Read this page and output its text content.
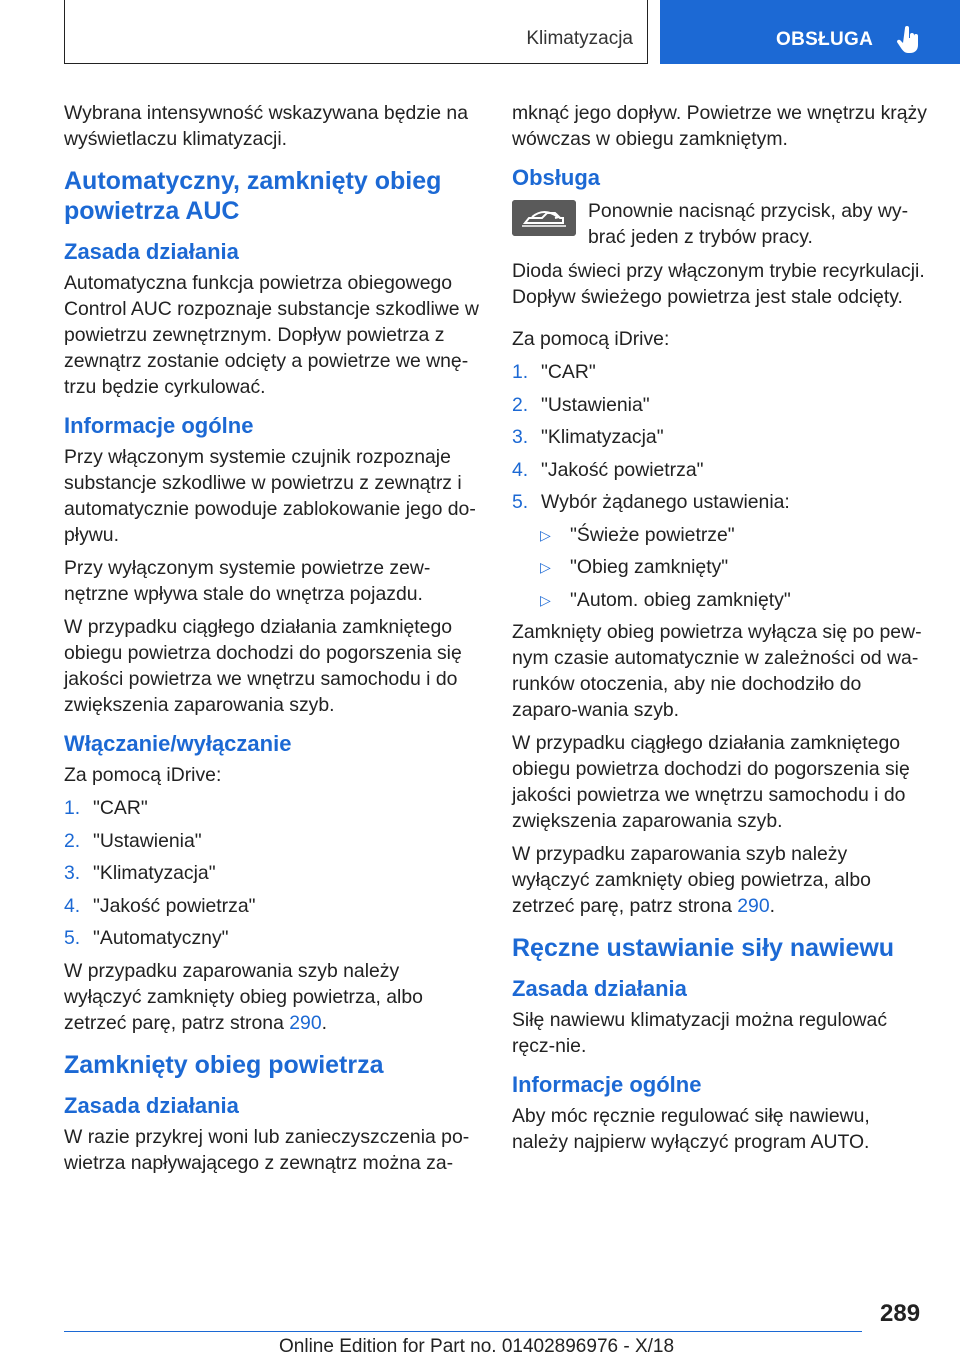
Klimatyzacja	OBSŁUGA

Wybrana intensywność wskazywana będzie na wyświetlaczu klimatyzacji.

Automatyczny, zamknięty obieg powietrza AUC
Zasada działania

Automatyczna funkcja powietrza obiegowego Control AUC rozpoznaje substancje szkodliwe w powietrzu zewnętrznym. Dopływ powietrza z zewnątrz zostanie odcięty a powietrze we wnę-trzu będzie cyrkulować.

Informacje ogólne

Przy włączonym systemie czujnik rozpoznaje substancje szkodliwe w powietrzu z zewnątrz i automatycznie powoduje zablokowanie jego do-pływu.

Przy wyłączonym systemie powietrze zew-nętrzne wpływa stale do wnętrza pojazdu.

W przypadku ciągłego działania zamkniętego obiegu powietrza dochodzi do pogorszenia się jakości powietrza we wnętrzu samochodu i do zwiększenia zaparowania szyb.

Włączanie/wyłączanie

Za pomocą iDrive:

1. "CAR"
2. "Ustawienia"
3. "Klimatyzacja"
4. "Jakość powietrza"
5. "Automatyczny"

W przypadku zaparowania szyb należy wyłączyć zamknięty obieg powietrza, albo zetrzeć parę, patrz strona 290.

Zamknięty obieg powietrza
Zasada działania

W razie przykrej woni lub zanieczyszczenia po-wietrza napływającego z zewnątrz można za-

mknąć jego dopływ. Powietrze we wnętrzu krąży wówczas w obiegu zamkniętym.

Obsługa

Ponownie nacisnąć przycisk, aby wy-brać jeden z trybów pracy.

Dioda świeci przy włączonym trybie recyrkulacji. Dopływ świeżego powietrza jest stale odcięty.

Za pomocą iDrive:

1. "CAR"
2. "Ustawienia"
3. "Klimatyzacja"
4. "Jakość powietrza"
5. Wybór żądanego ustawienia:
▷ "Świeże powietrze"
▷ "Obieg zamknięty"
▷ "Autom. obieg zamknięty"

Zamknięty obieg powietrza wyłącza się po pew-nym czasie automatycznie w zależności od wa-runków otoczenia, aby nie dochodziło do zaparo-wania szyb.

W przypadku ciągłego działania zamkniętego obiegu powietrza dochodzi do pogorszenia się jakości powietrza we wnętrzu samochodu i do zwiększenia zaparowania szyb.

W przypadku zaparowania szyb należy wyłączyć zamknięty obieg powietrza, albo zetrzeć parę, patrz strona 290.

Ręczne ustawianie siły nawiewu
Zasada działania

Siłę nawiewu klimatyzacji można regulować ręcz-nie.

Informacje ogólne

Aby móc ręcznie regulować siłę nawiewu, należy najpierw wyłączyć program AUTO.

289
Online Edition for Part no. 01402896976 - X/18
